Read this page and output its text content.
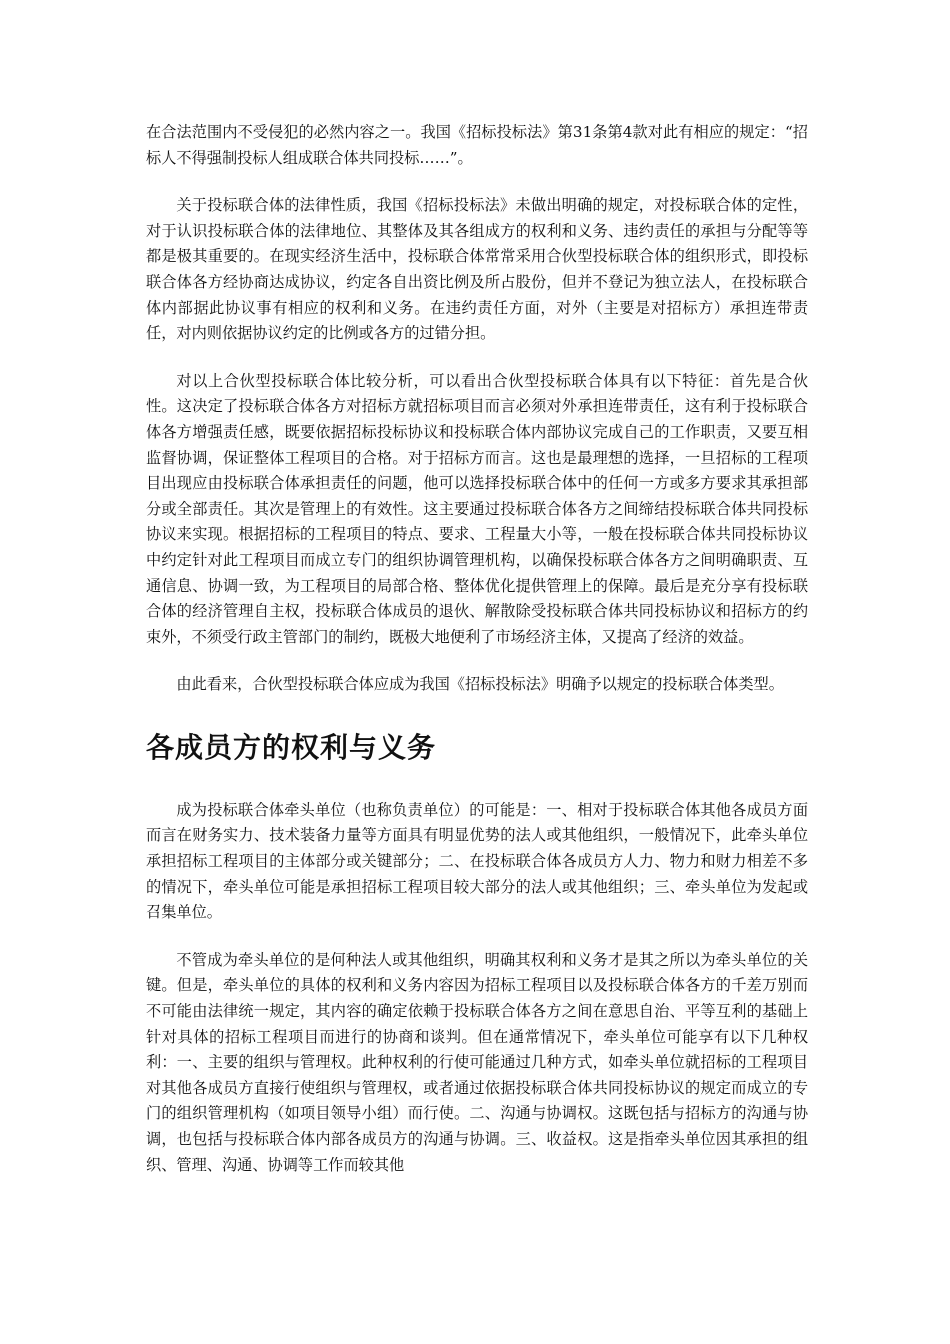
在合法范围内不受侵犯的必然内容之一。我国《招标投标法》第31条第4款对此有相应的规定：“招标人不得强制投标人组成联合体共同投标……”。

关于投标联合体的法律性质，我国《招标投标法》未做出明确的规定，对投标联合体的定性，对于认识投标联合体的法律地位、其整体及其各组成方的权利和义务、违约责任的承担与分配等等都是极其重要的。在现实经济生活中，投标联合体常常采用合伙型投标联合体的组织形式，即投标联合体各方经协商达成协议，约定各自出资比例及所占股份，但并不登记为独立法人，在投标联合体内部据此协议事有相应的权利和义务。在违约责任方面，对外（主要是对招标方）承担连带责任，对内则依据协议约定的比例或各方的过错分担。

对以上合伙型投标联合体比较分析，可以看出合伙型投标联合体具有以下特征：首先是合伙性。这决定了投标联合体各方对招标方就招标项目而言必须对外承担连带责任，这有利于投标联合体各方增强责任感，既要依据招标投标协议和投标联合体内部协议完成自己的工作职责，又要互相监督协调，保证整体工程项目的合格。对于招标方而言。这也是最理想的选择，一旦招标的工程项目出现应由投标联合体承担责任的问题，他可以选择投标联合体中的任何一方或多方要求其承担部分或全部责任。其次是管理上的有效性。这主要通过投标联合体各方之间缔结投标联合体共同投标协议来实现。根据招标的工程项目的特点、要求、工程量大小等，一般在投标联合体共同投标协议中约定针对此工程项目而成立专门的组织协调管理机构，以确保投标联合体各方之间明确职责、互通信息、协调一致，为工程项目的局部合格、整体优化提供管理上的保障。最后是充分享有投标联合体的经济管理自主权，投标联合体成员的退伙、解散除受投标联合体共同投标协议和招标方的约束外，不须受行政主管部门的制约，既极大地便利了市场经济主体，又提高了经济的效益。

由此看来，合伙型投标联合体应成为我国《招标投标法》明确予以规定的投标联合体类型。

各成员方的权利与义务

成为投标联合体牵头单位（也称负责单位）的可能是：一、相对于投标联合体其他各成员方面而言在财务实力、技术装备力量等方面具有明显优势的法人或其他组织，一般情况下，此牵头单位承担招标工程项目的主体部分或关键部分；二、在投标联合体各成员方人力、物力和财力相差不多的情况下，牵头单位可能是承担招标工程项目较大部分的法人或其他组织；三、牵头单位为发起或召集单位。

不管成为牵头单位的是何种法人或其他组织，明确其权利和义务才是其之所以为牵头单位的关键。但是，牵头单位的具体的权利和义务内容因为招标工程项目以及投标联合体各方的千差万别而不可能由法律统一规定，其内容的确定依赖于投标联合体各方之间在意思自治、平等互利的基础上针对具体的招标工程项目而进行的协商和谈判。但在通常情况下，牵头单位可能享有以下几种权利：一、主要的组织与管理权。此种权利的行使可能通过几种方式，如牵头单位就招标的工程项目对其他各成员方直接行使组织与管理权，或者通过依据投标联合体共同投标协议的规定而成立的专门的组织管理机构（如项目领导小组）而行使。二、沟通与协调权。这既包括与招标方的沟通与协调，也包括与投标联合体内部各成员方的沟通与协调。三、收益权。这是指牵头单位因其承担的组织、管理、沟通、协调等工作而较其他
